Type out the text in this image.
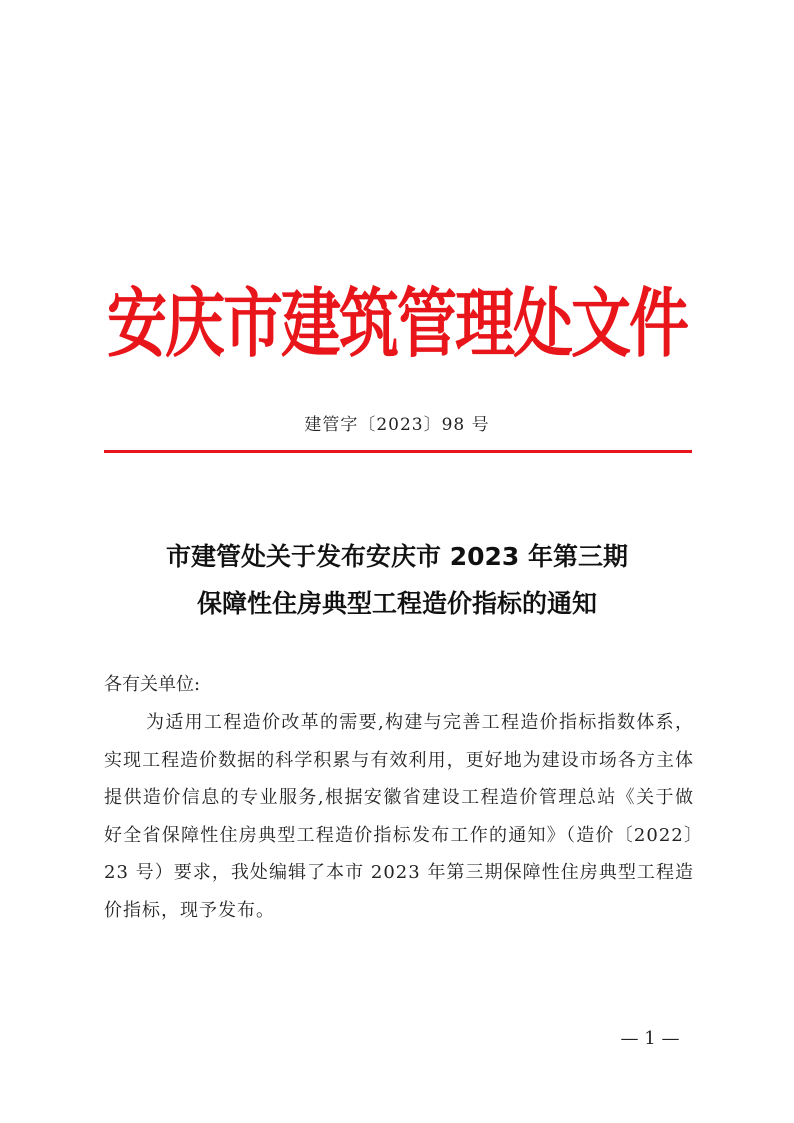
安庆市建筑管理处文件
建管字〔2023〕98 号
市建管处关于发布安庆市 2023 年第三期
保障性住房典型工程造价指标的通知
各有关单位:

为适用工程造价改革的需要,构建与完善工程造价指标指数体系，实现工程造价数据的科学积累与有效利用，更好地为建设市场各方主体提供造价信息的专业服务,根据安徽省建设工程造价管理总站《关于做好全省保障性住房典型工程造价指标发布工作的通知》（造价〔2022〕23 号）要求，我处编辑了本市 2023 年第三期保障性住房典型工程造价指标，现予发布。

— 1 —
